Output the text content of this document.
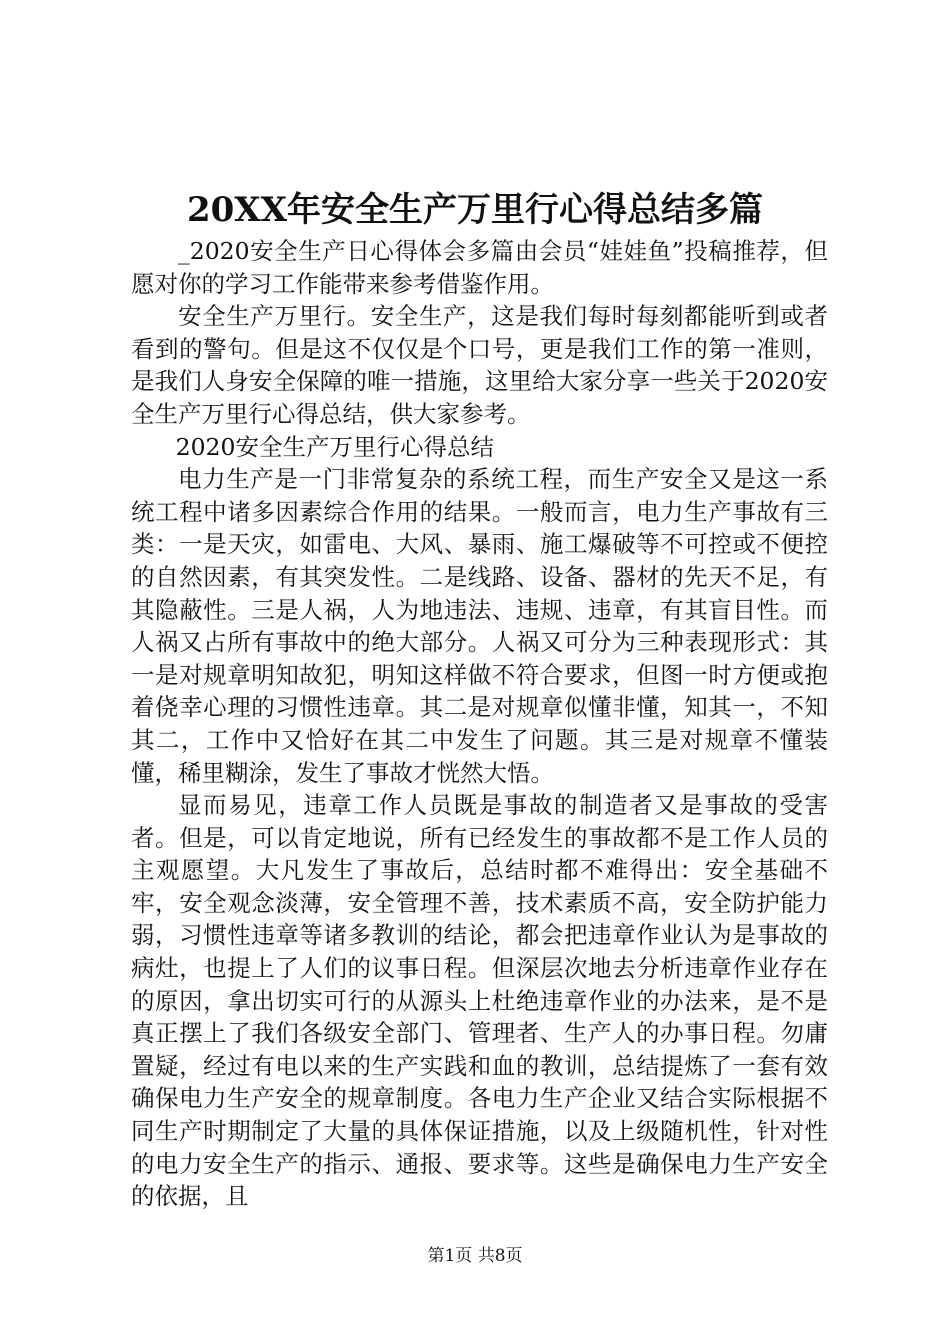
20XX年安全生产万里行心得总结多篇

_2020安全生产日心得体会多篇由会员“娃娃鱼”投稿推荐，但愿对你的学习工作能带来参考借鉴作用。

安全生产万里行。安全生产，这是我们每时每刻都能听到或者看到的警句。但是这不仅仅是个口号，更是我们工作的第一准则，是我们人身安全保障的唯一措施，这里给大家分享一些关于2020安全生产万里行心得总结，供大家参考。

2020安全生产万里行心得总结

电力生产是一门非常复杂的系统工程，而生产安全又是这一系统工程中诸多因素综合作用的结果。一般而言，电力生产事故有三类：一是天灾，如雷电、大风、暴雨、施工爆破等不可控或不便控的自然因素，有其突发性。二是线路、设备、器材的先天不足，有其隐蔽性。三是人祸，人为地违法、违规、违章，有其盲目性。而人祸又占所有事故中的绝大部分。人祸又可分为三种表现形式：其一是对规章明知故犯，明知这样做不符合要求，但图一时方便或抱着侥幸心理的习惯性违章。其二是对规章似懂非懂，知其一，不知其二，工作中又恰好在其二中发生了问题。其三是对规章不懂装懂，稀里糊涂，发生了事故才恍然大悟。

显而易见，违章工作人员既是事故的制造者又是事故的受害者。但是，可以肯定地说，所有已经发生的事故都不是工作人员的主观愿望。大凡发生了事故后，总结时都不难得出：安全基础不牢，安全观念淡薄，安全管理不善，技术素质不高，安全防护能力弱，习惯性违章等诸多教训的结论，都会把违章作业认为是事故的病灶，也提上了人们的议事日程。但深层次地去分析违章作业存在的原因，拿出切实可行的从源头上杜绝违章作业的办法来，是不是真正摆上了我们各级安全部门、管理者、生产人的办事日程。勿庸置疑，经过有电以来的生产实践和血的教训，总结提炼了一套有效确保电力生产安全的规章制度。各电力生产企业又结合实际根据不同生产时期制定了大量的具体保证措施，以及上级随机性，针对性的电力安全生产的指示、通报、要求等。这些是确保电力生产安全的依据，且

第1页 共8页
